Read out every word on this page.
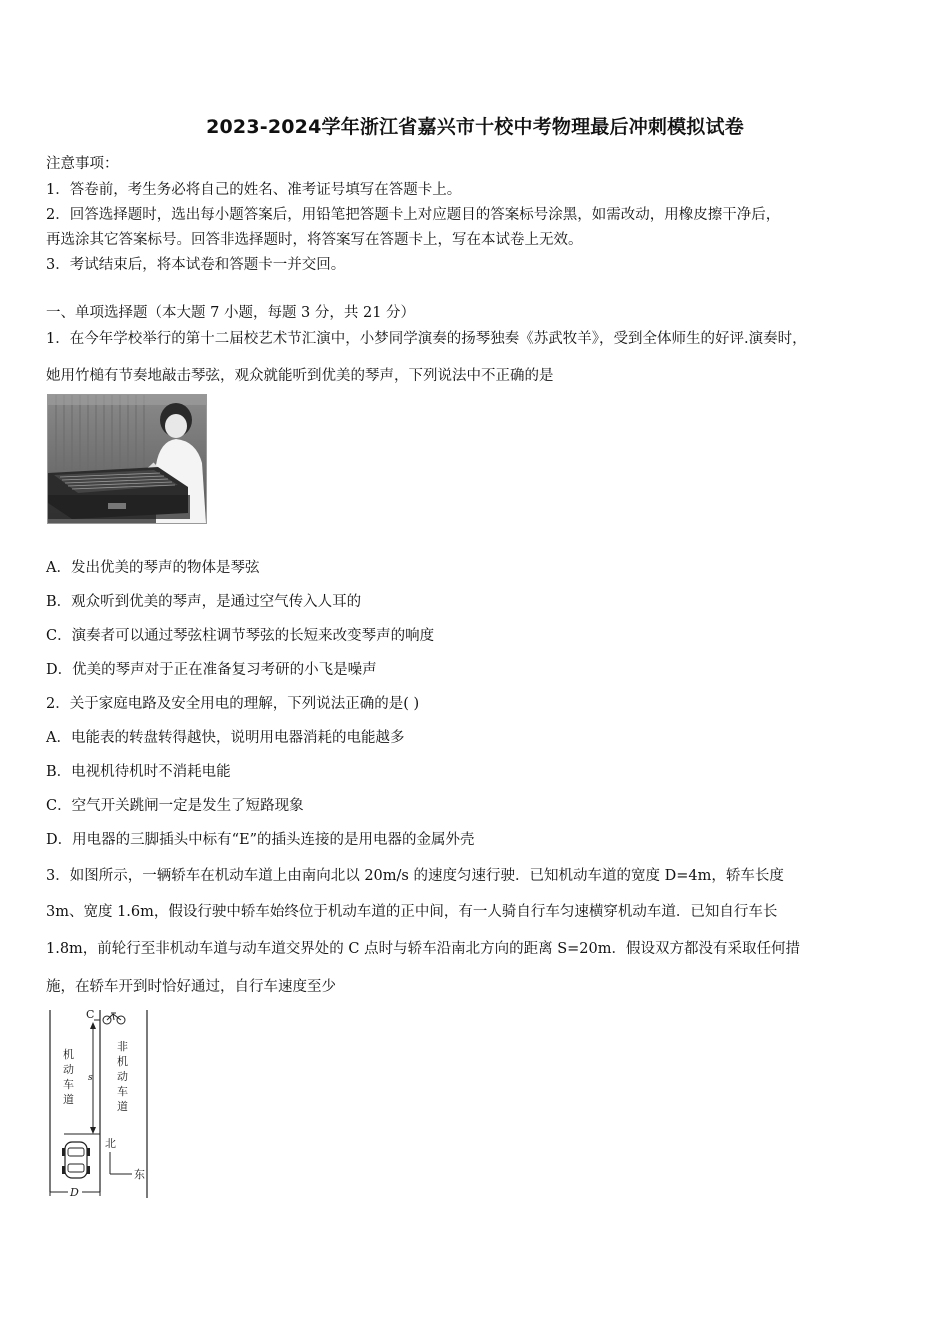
2023-2024学年浙江省嘉兴市十校中考物理最后冲刺模拟试卷
注意事项：
1．答卷前，考生务必将自己的姓名、准考证号填写在答题卡上。
2．回答选择题时，选出每小题答案后，用铅笔把答题卡上对应题目的答案标号涂黑，如需改动，用橡皮擦干净后，
再选涂其它答案标号。回答非选择题时，将答案写在答题卡上，写在本试卷上无效。
3．考试结束后，将本试卷和答题卡一并交回。
一、单项选择题（本大题 7 小题，每题 3 分，共 21 分）
1．在今年学校举行的第十二届校艺术节汇演中，小梦同学演奏的扬琴独奏《苏武牧羊》，受到全体师生的好评.演奏时，
她用竹槌有节奏地敲击琴弦，观众就能听到优美的琴声，下列说法中不正确的是
A．发出优美的琴声的物体是琴弦
B．观众听到优美的琴声，是通过空气传入人耳的
C．演奏者可以通过琴弦柱调节琴弦的长短来改变琴声的响度
D．优美的琴声对于正在准备复习考研的小飞是噪声
2．关于家庭电路及安全用电的理解，下列说法正确的是( )
A．电能表的转盘转得越快，说明用电器消耗的电能越多
B．电视机待机时不消耗电能
C．空气开关跳闸一定是发生了短路现象
D．用电器的三脚插头中标有“E”的插头连接的是用电器的金属外壳
3．如图所示，一辆轿车在机动车道上由南向北以 20m/s 的速度匀速行驶．已知机动车道的宽度 D=4m，轿车长度
3m、宽度 1.6m，假设行驶中轿车始终位于机动车道的正中间，有一人骑自行车匀速横穿机动车道．已知自行车长
1.8m，前轮行至非机动车道与动车道交界处的 C 点时与轿车沿南北方向的距离 S=20m．假设双方都没有采取任何措
施，在轿车开到时恰好通过，自行车速度至少
C
s
机
动
车
道
非
机
动
车
道
北
东
D
